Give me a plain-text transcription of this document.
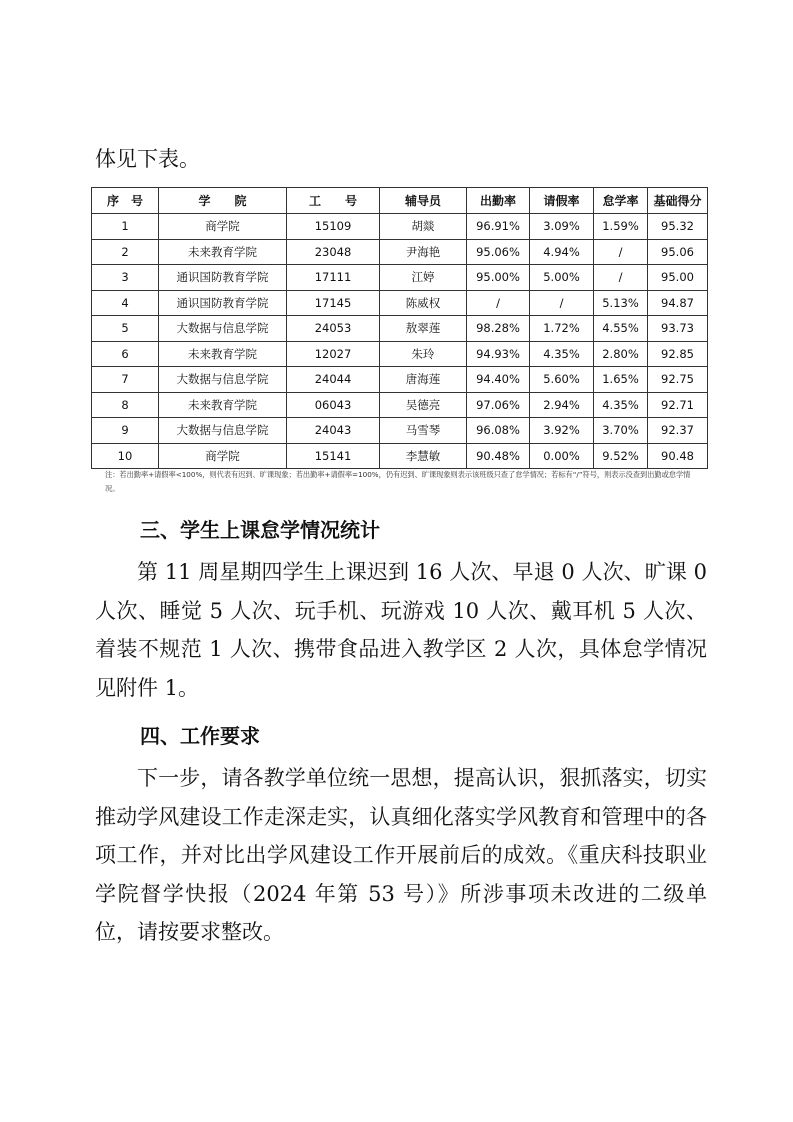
体见下表。

序　号	学　　院	工　　号	辅导员	出勤率	请假率	怠学率	基础得分
1	商学院	15109	胡燚	96.91%	3.09%	1.59%	95.32
2	未来教育学院	23048	尹海艳	95.06%	4.94%	/	95.06
3	通识国防教育学院	17111	江婷	95.00%	5.00%	/	95.00
4	通识国防教育学院	17145	陈威权	/	/	5.13%	94.87
5	大数据与信息学院	24053	敖翠莲	98.28%	1.72%	4.55%	93.73
6	未来教育学院	12027	朱玲	94.93%	4.35%	2.80%	92.85
7	大数据与信息学院	24044	唐海莲	94.40%	5.60%	1.65%	92.75
8	未来教育学院	06043	吴德亮	97.06%	2.94%	4.35%	92.71
9	大数据与信息学院	24043	马雪琴	96.08%	3.92%	3.70%	92.37
10	商学院	15141	李慧敏	90.48%	0.00%	9.52%	90.48

注：若出勤率+请假率<100%，则代表有迟到、旷课现象；若出勤率+请假率=100%，仍有迟到、旷课现象则表示该班级只查了怠学情况；若标有“/”符号，则表示没查到出勤或怠学情况。

三、学生上课怠学情况统计

第 11 周星期四学生上课迟到 16 人次、早退 0 人次、旷课 0 人次、睡觉 5 人次、玩手机、玩游戏 10 人次、戴耳机 5 人次、着装不规范 1 人次、携带食品进入教学区 2 人次，具体怠学情况见附件 1。

四、工作要求

下一步，请各教学单位统一思想，提高认识，狠抓落实，切实推动学风建设工作走深走实，认真细化落实学风教育和管理中的各项工作，并对比出学风建设工作开展前后的成效。《重庆科技职业学院督学快报（2024 年第 53 号）》所涉事项未改进的二级单位，请按要求整改。
